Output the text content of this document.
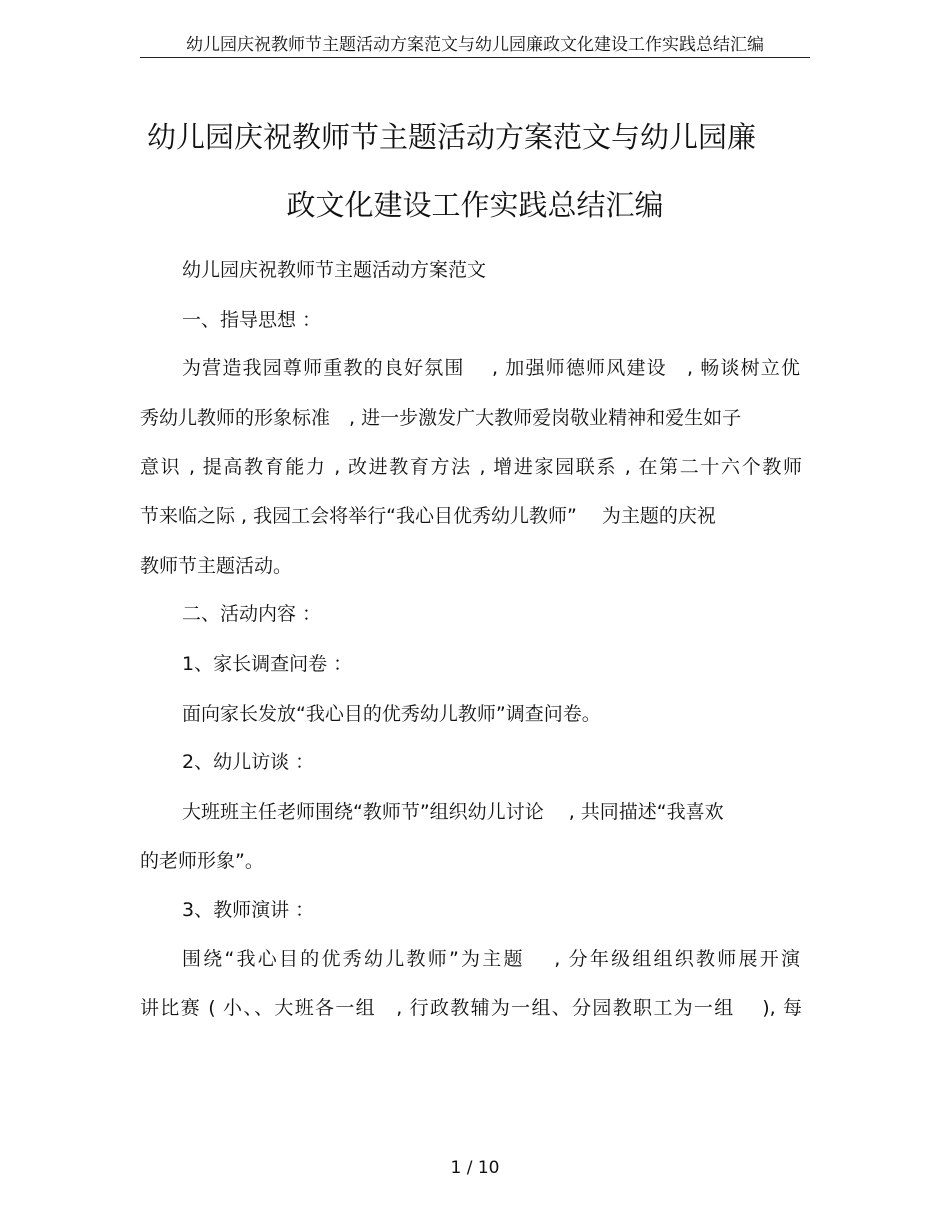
幼儿园庆祝教师节主题活动方案范文与幼儿园廉政文化建设工作实践总结汇编
幼儿园庆祝教师节主题活动方案范文与幼儿园廉
政文化建设工作实践总结汇编
幼儿园庆祝教师节主题活动方案范文
一、指导思想 ：
为营造我园尊师重教的良好氛围　 , 加强师德师风建设　, 畅谈树立优
秀幼儿教师的形象标准　, 进一步激发广大教师爱岗敬业精神和爱生如子
意识 , 提高教育能力 , 改进教育方法 , 增进家园联系 , 在第二十六个教师
节来临之际 , 我园工会将举行“我心目优秀幼儿教师”　 为主题的庆祝
教师节主题活动。
二、活动内容 ：
1、家长调查问卷 ：
面向家长发放“我心目的优秀幼儿教师”调查问卷。
2、幼儿访谈 ：
大班班主任老师围绕“教师节”组织幼儿讨论　 , 共同描述“我喜欢
的老师形象”。
3、教师演讲 ：
围绕“我心目的优秀幼儿教师”为主题　 , 分年级组组织教师展开演
讲比赛 ( 小、、大班各一组　, 行政教辅为一组、分园教职工为一组　 ), 每
1 / 10
